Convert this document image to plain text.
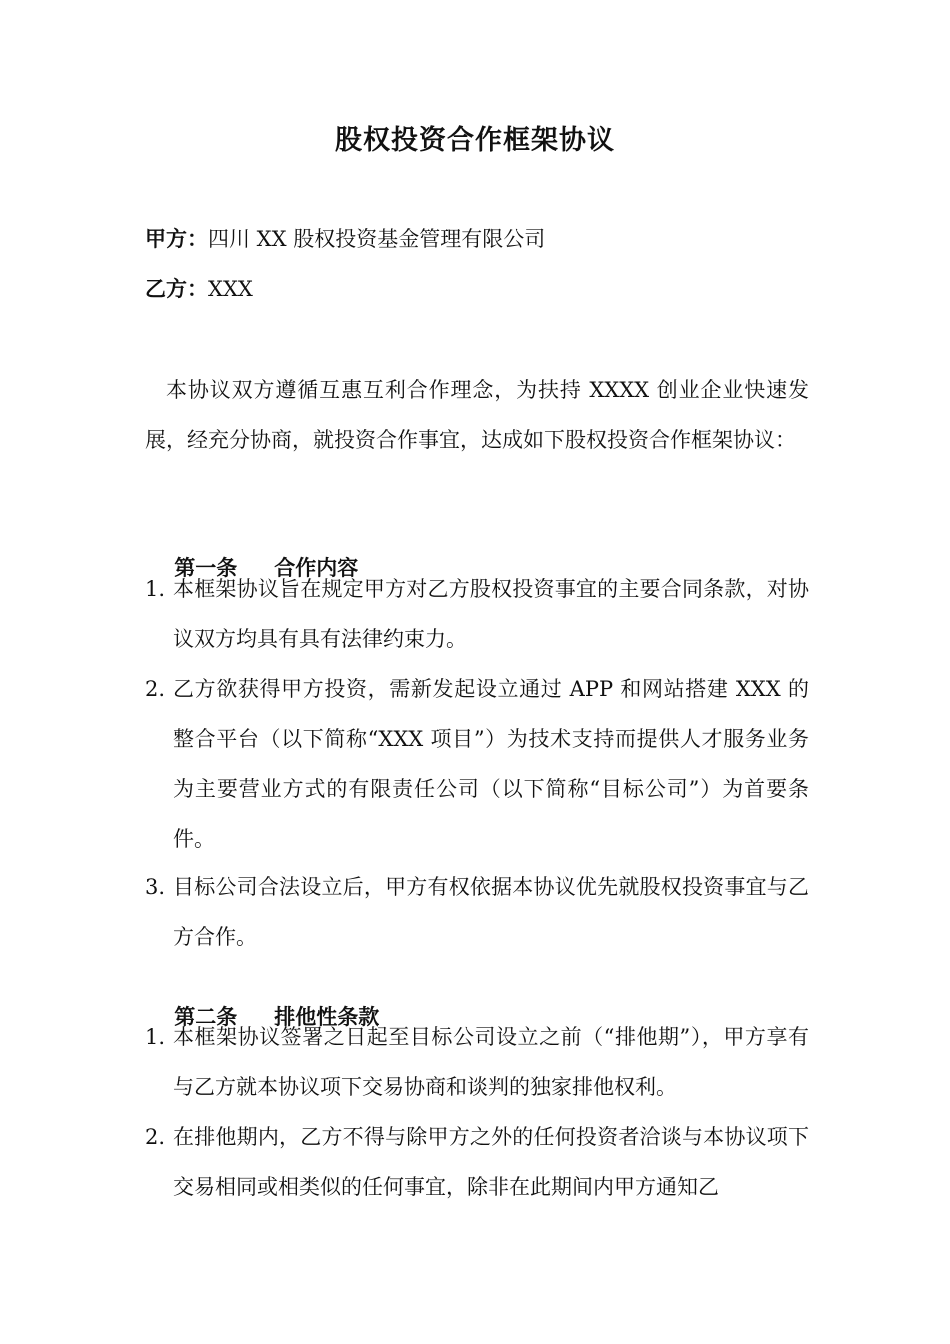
股权投资合作框架协议
甲方：四川 XX 股权投资基金管理有限公司
乙方：XXX
本协议双方遵循互惠互利合作理念，为扶持 XXXX 创业企业快速发展，经充分协商，就投资合作事宜，达成如下股权投资合作框架协议：

第一条 合作内容

1. 本框架协议旨在规定甲方对乙方股权投资事宜的主要合同条款，对协议双方均具有具有法律约束力。
2. 乙方欲获得甲方投资，需新发起设立通过 APP 和网站搭建 XXX 的整合平台（以下简称“XXX 项目”）为技术支持而提供人才服务业务为主要营业方式的有限责任公司（以下简称“目标公司”）为首要条件。
3. 目标公司合法设立后，甲方有权依据本协议优先就股权投资事宜与乙方合作。

第二条 排他性条款

1. 本框架协议签署之日起至目标公司设立之前（“排他期”），甲方享有与乙方就本协议项下交易协商和谈判的独家排他权利。
2. 在排他期内，乙方不得与除甲方之外的任何投资者洽谈与本协议项下交易相同或相类似的任何事宜，除非在此期间内甲方通知乙
